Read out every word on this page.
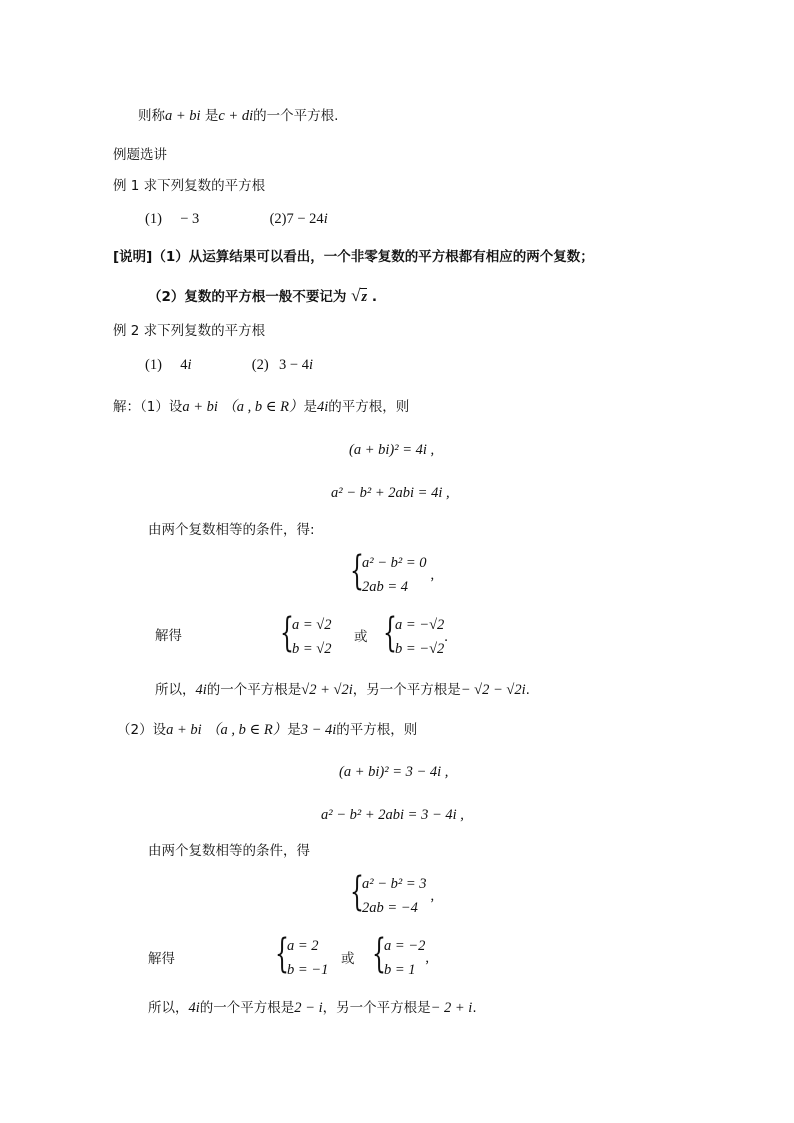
则称a + bi 是c + di的一个平方根.
例题选讲
例 1 求下列复数的平方根
(1) − 3	(2)7 − 24i
[说明]（1）从运算结果可以看出，一个非零复数的平方根都有相应的两个复数；
（2）复数的平方根一般不要记为 √z .
例 2 求下列复数的平方根
(1) 4i	(2) 3 − 4i
解：（1）设a + bi （a , b ∈ R）是4i的平方根，则
(a + bi)² = 4i ,
a² − b² + 2abi = 4i ,
由两个复数相等的条件，得:
{
a² − b² = 0
2ab = 4
,
解得 {
a = √2
b = √2
或 {
a = −√2
b = −√2
.
所以，4i的一个平方根是√2 + √2i，另一个平方根是− √2 − √2i.
（2）设a + bi （a , b ∈ R）是3 − 4i的平方根，则
(a + bi)² = 3 − 4i ,
a² − b² + 2abi = 3 − 4i ,
由两个复数相等的条件，得
{
a² − b² = 3
2ab = −4
,
解得	{
a = 2
b = −1
或 {
a = −2
b = 1
,
所以，4i的一个平方根是2 − i，另一个平方根是− 2 + i.
